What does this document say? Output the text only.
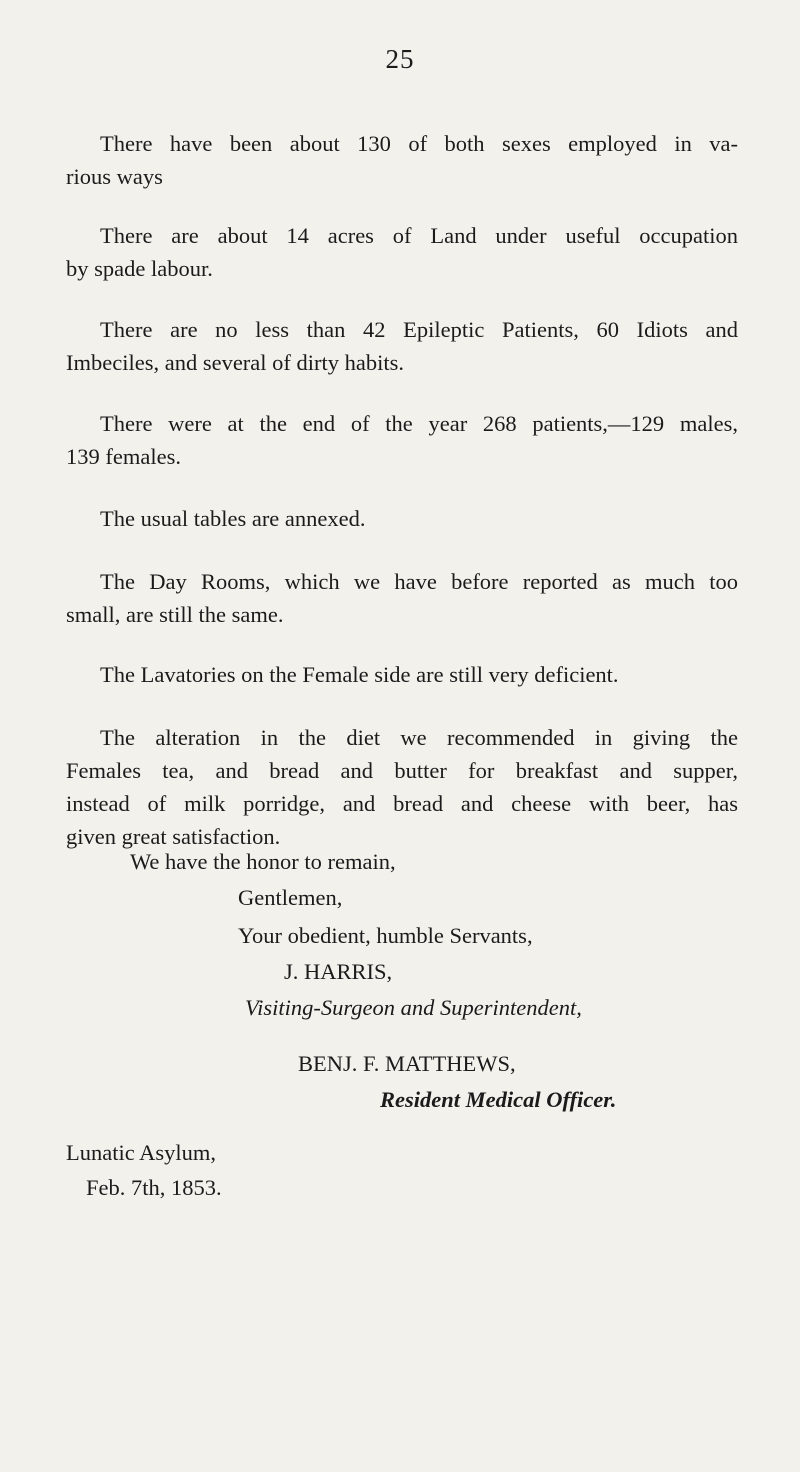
25
There have been about 130 of both sexes employed in va-
rious ways
There are about 14 acres of Land under useful occupation
by spade labour.
There are no less than 42 Epileptic Patients, 60 Idiots and
Imbeciles, and several of dirty habits.
There were at the end of the year 268 patients,—129 males,
139 females.
The usual tables are annexed.
The Day Rooms, which we have before reported as much too
small, are still the same.
The Lavatories on the Female side are still very deficient.
The alteration in the diet we recommended in giving the
Females tea, and bread and butter for breakfast and supper,
instead of milk porridge, and bread and cheese with beer, has
given great satisfaction.
We have the honor to remain,
Gentlemen,
Your obedient, humble Servants,
J. HARRIS,
Visiting-Surgeon and Superintendent,
BENJ. F. MATTHEWS,
Resident Medical Officer.
Lunatic Asylum,
Feb. 7th, 1853.
